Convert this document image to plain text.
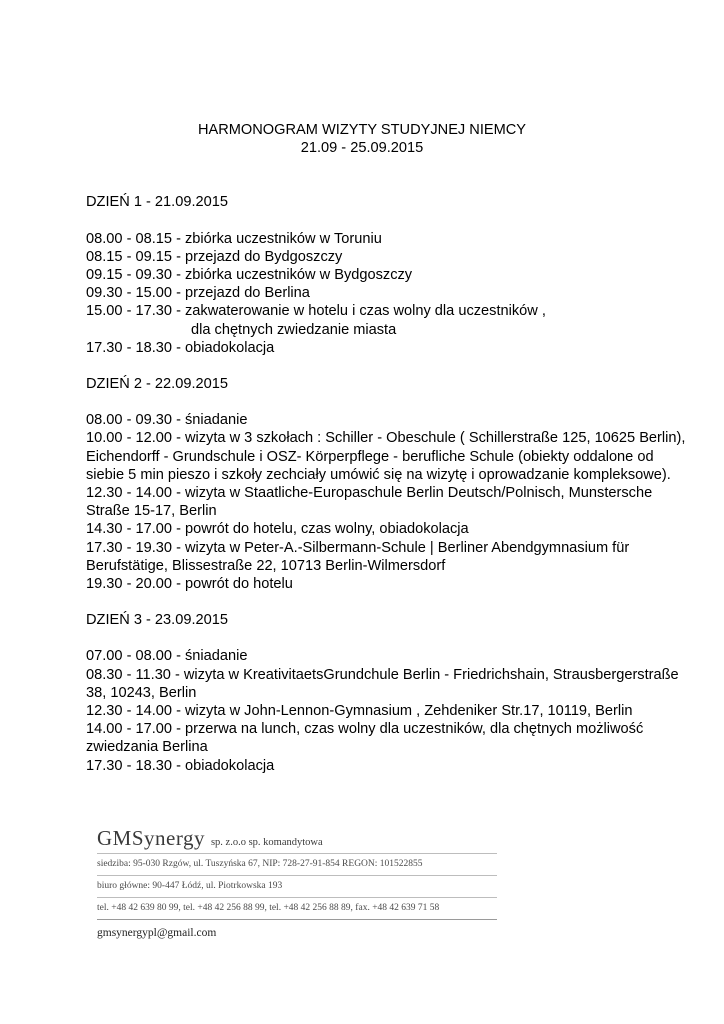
HARMONOGRAM WIZYTY STUDYJNEJ NIEMCY
21.09 - 25.09.2015
DZIEŃ 1 - 21.09.2015
08.00 - 08.15 - zbiórka uczestników w Toruniu
08.15 - 09.15 - przejazd do Bydgoszczy
09.15 - 09.30 - zbiórka uczestników w Bydgoszczy
09.30 - 15.00 - przejazd do Berlina
15.00 - 17.30 - zakwaterowanie w hotelu i czas wolny dla uczestników ,
dla chętnych zwiedzanie miasta
17.30 - 18.30 - obiadokolacja
DZIEŃ 2 - 22.09.2015
08.00 - 09.30 - śniadanie
10.00 - 12.00 - wizyta w 3 szkołach : Schiller - Obeschule ( Schillerstraße 125, 10625 Berlin), Eichendorff - Grundschule i OSZ- Körperpflege - berufliche Schule (obiekty oddalone od siebie 5 min pieszo i szkoły zechciały umówić się na wizytę i oprowadzanie kompleksowe).
12.30 - 14.00 - wizyta w Staatliche-Europaschule Berlin Deutsch/Polnisch, Munstersche Straße 15-17, Berlin
14.30 - 17.00 - powrót do hotelu, czas wolny, obiadokolacja
17.30 - 19.30 - wizyta w Peter-A.-Silbermann-Schule | Berliner Abendgymnasium für Berufstätige, Blissestraße 22, 10713 Berlin-Wilmersdorf
19.30 - 20.00 - powrót do hotelu
DZIEŃ 3 - 23.09.2015
07.00 - 08.00 - śniadanie
08.30 - 11.30 - wizyta w KreativitaetsGrundchule Berlin - Friedrichshain, Strausbergerstraße 38, 10243, Berlin
12.30 - 14.00 - wizyta w John-Lennon-Gymnasium , Zehdeniker Str.17, 10119, Berlin
14.00 - 17.00 - przerwa na lunch, czas wolny dla uczestników, dla chętnych możliwość zwiedzania Berlina
17.30 - 18.30 - obiadokolacja
GMSynergy sp. z.o.o sp. komandytowa
siedziba: 95-030 Rzgów, ul. Tuszyńska 67, NIP: 728-27-91-854 REGON: 101522855
biuro główne: 90-447 Łódź, ul. Piotrkowska 193
tel. +48 42 639 80 99, tel. +48 42 256 88 99, tel. +48 42 256 88 89, fax. +48 42 639 71 58
gmsynergypl@gmail.com
